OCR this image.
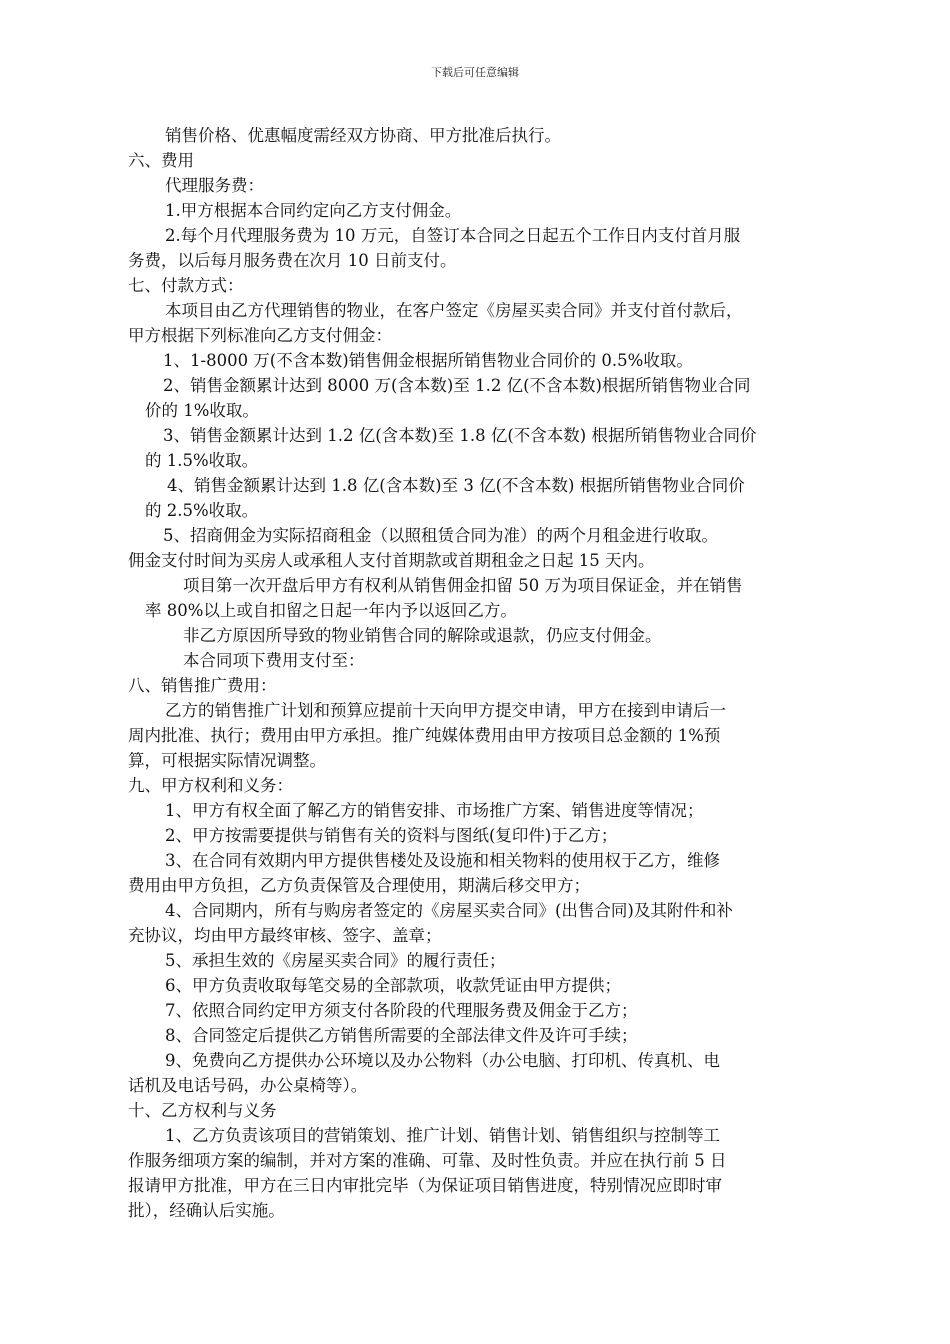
下载后可任意编辑
销售价格、优惠幅度需经双方协商、甲方批准后执行。
六、费用
代理服务费：
1.甲方根据本合同约定向乙方支付佣金。
2.每个月代理服务费为 10 万元，自签订本合同之日起五个工作日内支付首月服
务费，以后每月服务费在次月 10 日前支付。
七、付款方式：
本项目由乙方代理销售的物业，在客户签定《房屋买卖合同》并支付首付款后，
甲方根据下列标准向乙方支付佣金：
1、1-8000 万(不含本数)销售佣金根据所销售物业合同价的 0.5%收取。
2、销售金额累计达到 8000 万(含本数)至 1.2 亿(不含本数)根据所销售物业合同
价的 1%收取。
3、销售金额累计达到 1.2 亿(含本数)至 1.8 亿(不含本数) 根据所销售物业合同价
的 1.5%收取。
4、销售金额累计达到 1.8 亿(含本数)至 3 亿(不含本数) 根据所销售物业合同价
的 2.5%收取。
5、招商佣金为实际招商租金（以照租赁合同为准）的两个月租金进行收取。
佣金支付时间为买房人或承租人支付首期款或首期租金之日起 15 天内。
项目第一次开盘后甲方有权利从销售佣金扣留 50 万为项目保证金，并在销售
率 80%以上或自扣留之日起一年内予以返回乙方。
非乙方原因所导致的物业销售合同的解除或退款，仍应支付佣金。
本合同项下费用支付至：
八、销售推广费用：
乙方的销售推广计划和预算应提前十天向甲方提交申请，甲方在接到申请后一
周内批准、执行；费用由甲方承担。推广纯媒体费用由甲方按项目总金额的 1%预
算，可根据实际情况调整。
九、甲方权利和义务：
1、甲方有权全面了解乙方的销售安排、市场推广方案、销售进度等情况；
2、甲方按需要提供与销售有关的资料与图纸(复印件)于乙方；
3、在合同有效期内甲方提供售楼处及设施和相关物料的使用权于乙方，维修
费用由甲方负担，乙方负责保管及合理使用，期满后移交甲方；
4、合同期内，所有与购房者签定的《房屋买卖合同》(出售合同)及其附件和补
充协议，均由甲方最终审核、签字、盖章；
5、承担生效的《房屋买卖合同》的履行责任；
6、甲方负责收取每笔交易的全部款项，收款凭证由甲方提供；
7、依照合同约定甲方须支付各阶段的代理服务费及佣金于乙方；
8、合同签定后提供乙方销售所需要的全部法律文件及许可手续；
9、免费向乙方提供办公环境以及办公物料（办公电脑、打印机、传真机、电
话机及电话号码，办公桌椅等）。
十、乙方权利与义务
1、乙方负责该项目的营销策划、推广计划、销售计划、销售组织与控制等工
作服务细项方案的编制，并对方案的准确、可靠、及时性负责。并应在执行前 5 日
报请甲方批准，甲方在三日内审批完毕（为保证项目销售进度，特别情况应即时审
批），经确认后实施。
